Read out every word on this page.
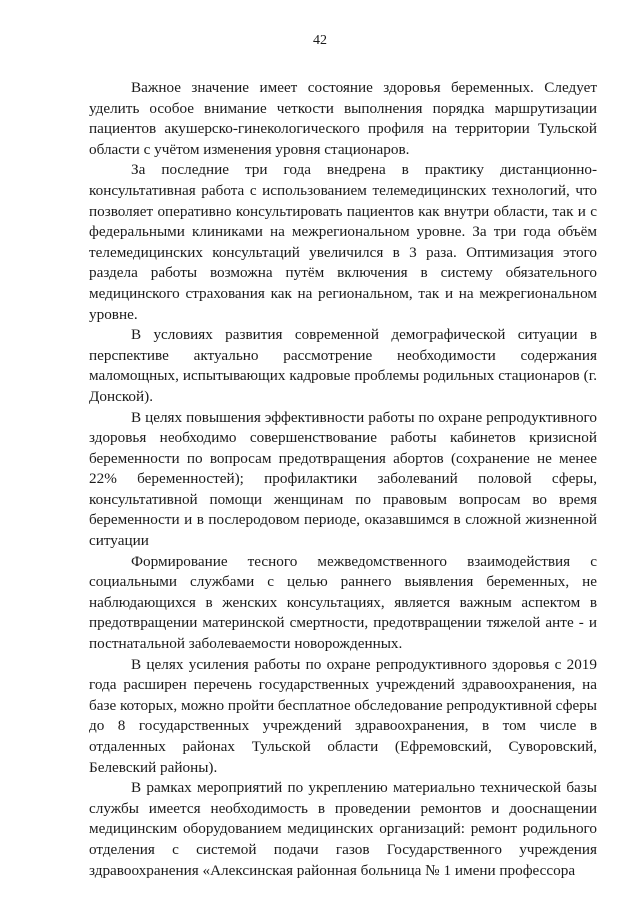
42

Важное значение имеет состояние здоровья беременных. Следует уделить особое внимание четкости выполнения порядка маршрутизации пациентов акушерско-гинекологического профиля на территории Тульской области с учётом изменения уровня стационаров.

За последние три года внедрена в практику дистанционно-консультативная работа с использованием телемедицинских технологий, что позволяет оперативно консультировать пациентов как внутри области, так и с федеральными клиниками на межрегиональном уровне. За три года объём телемедицинских консультаций увеличился в 3 раза. Оптимизация этого раздела работы возможна путём включения в систему обязательного медицинского страхования как на региональном, так и на межрегиональном уровне.

В условиях развития современной демографической ситуации в перспективе актуально рассмотрение необходимости содержания маломощных, испытывающих кадровые проблемы родильных стационаров (г. Донской).

В целях повышения эффективности работы по охране репродуктивного здоровья необходимо совершенствование работы кабинетов кризисной беременности по вопросам предотвращения абортов (сохранение не менее 22% беременностей); профилактики заболеваний половой сферы, консультативной помощи женщинам по правовым вопросам во время беременности и в послеродовом периоде, оказавшимся в сложной жизненной ситуации

Формирование тесного межведомственного взаимодействия с социальными службами с целью раннего выявления беременных, не наблюдающихся в женских консультациях, является важным аспектом в предотвращении материнской смертности, предотвращении тяжелой анте - и постнатальной заболеваемости новорожденных.

В целях усиления работы по охране репродуктивного здоровья с 2019 года расширен перечень государственных учреждений здравоохранения, на базе которых, можно пройти бесплатное обследование репродуктивной сферы до 8 государственных учреждений здравоохранения, в том числе в отдаленных районах Тульской области (Ефремовский, Суворовский, Белевский районы).

В рамках мероприятий по укреплению материально технической базы службы имеется необходимость в проведении ремонтов и дооснащении медицинским оборудованием медицинских организаций: ремонт родильного отделения с системой подачи газов Государственного учреждения здравоохранения «Алексинская районная больница № 1 имени профессора
